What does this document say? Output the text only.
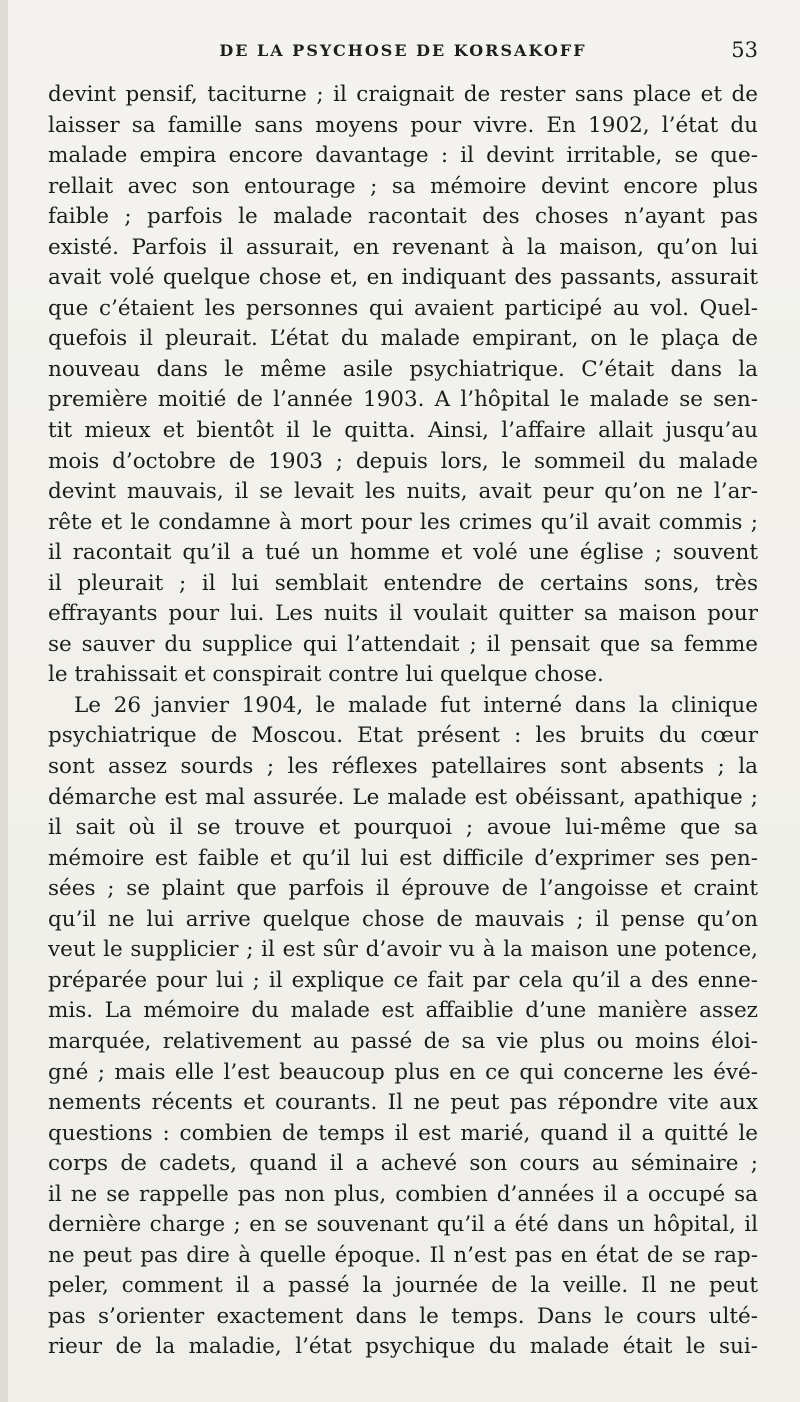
DE LA PSYCHOSE DE KORSAKOFF	53
devint pensif, taciturne ; il craignait de rester sans place et de
laisser sa famille sans moyens pour vivre. En 1902, l’état du
malade empira encore davantage : il devint irritable, se que-
rellait avec son entourage ; sa mémoire devint encore plus
faible ; parfois le malade racontait des choses n’ayant pas
existé. Parfois il assurait, en revenant à la maison, qu’on lui
avait volé quelque chose et, en indiquant des passants, assurait
que c’étaient les personnes qui avaient participé au vol. Quel-
quefois il pleurait. L’état du malade empirant, on le plaça de
nouveau dans le même asile psychiatrique. C’était dans la
première moitié de l’année 1903. A l’hôpital le malade se sen-
tit mieux et bientôt il le quitta. Ainsi, l’affaire allait jusqu’au
mois d’octobre de 1903 ; depuis lors, le sommeil du malade
devint mauvais, il se levait les nuits, avait peur qu’on ne l’ar-
rête et le condamne à mort pour les crimes qu’il avait commis ;
il racontait qu’il a tué un homme et volé une église ; souvent
il pleurait ; il lui semblait entendre de certains sons, très
effrayants pour lui. Les nuits il voulait quitter sa maison pour
se sauver du supplice qui l’attendait ; il pensait que sa femme
le trahissait et conspirait contre lui quelque chose.
Le 26 janvier 1904, le malade fut interné dans la clinique
psychiatrique de Moscou. Etat présent : les bruits du cœur
sont assez sourds ; les réflexes patellaires sont absents ; la
démarche est mal assurée. Le malade est obéissant, apathique ;
il sait où il se trouve et pourquoi ; avoue lui-même que sa
mémoire est faible et qu’il lui est difficile d’exprimer ses pen-
sées ; se plaint que parfois il éprouve de l’angoisse et craint
qu’il ne lui arrive quelque chose de mauvais ; il pense qu’on
veut le supplicier ; il est sûr d’avoir vu à la maison une potence,
préparée pour lui ; il explique ce fait par cela qu’il a des enne-
mis. La mémoire du malade est affaiblie d’une manière assez
marquée, relativement au passé de sa vie plus ou moins éloi-
gné ; mais elle l’est beaucoup plus en ce qui concerne les évé-
nements récents et courants. Il ne peut pas répondre vite aux
questions : combien de temps il est marié, quand il a quitté le
corps de cadets, quand il a achevé son cours au séminaire ;
il ne se rappelle pas non plus, combien d’années il a occupé sa
dernière charge ; en se souvenant qu’il a été dans un hôpital, il
ne peut pas dire à quelle époque. Il n’est pas en état de se rap-
peler, comment il a passé la journée de la veille. Il ne peut
pas s’orienter exactement dans le temps. Dans le cours ulté-
rieur de la maladie, l’état psychique du malade était le sui-
